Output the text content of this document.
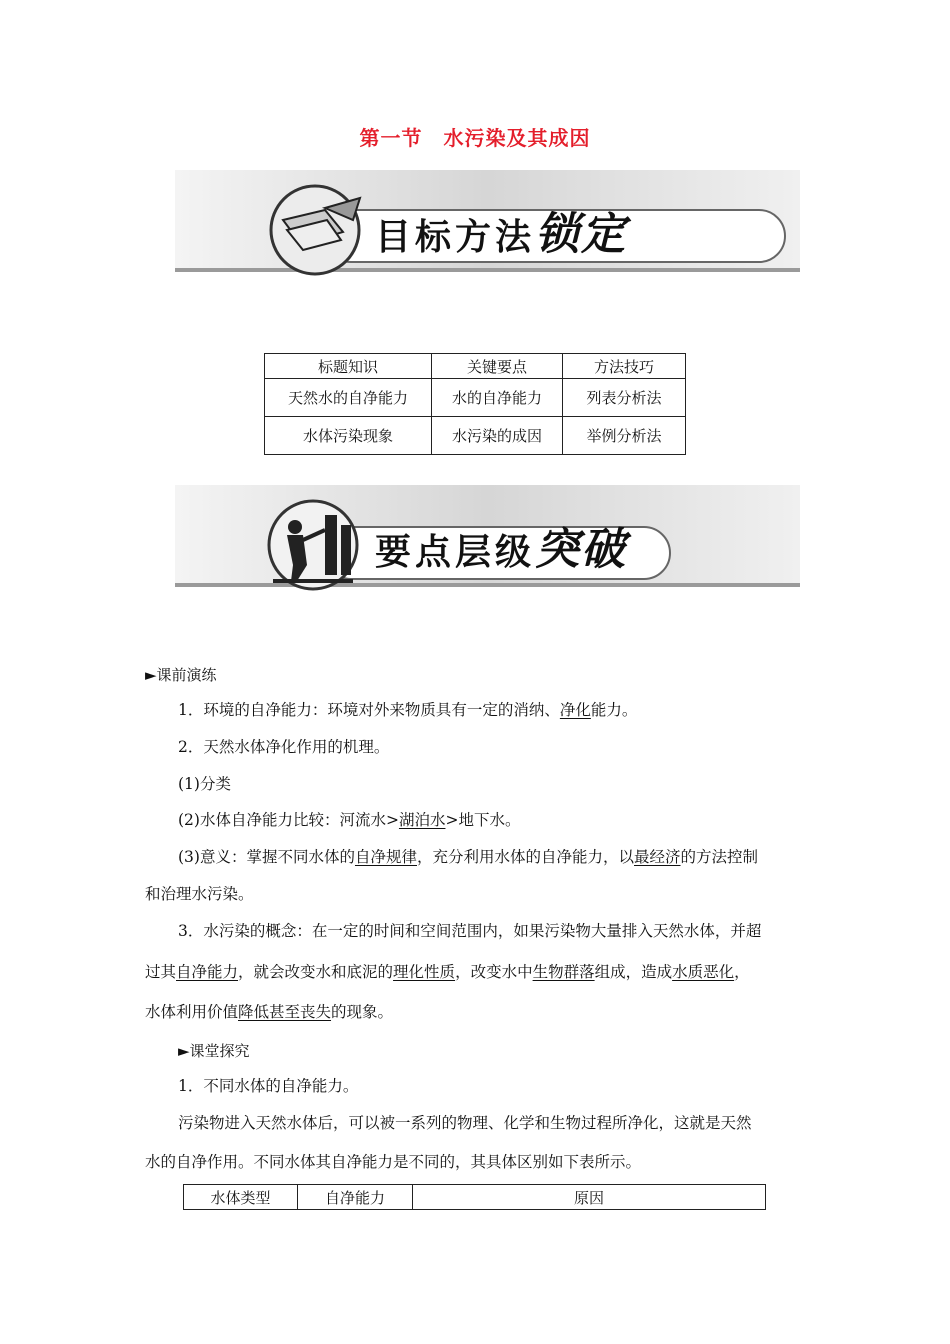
第一节　水污染及其成因
目标方法锁定
标题知识	关键要点	方法技巧
天然水的自净能力	水的自净能力	列表分析法
水体污染现象	水污染的成因	举例分析法
要点层级突破
►课前演练
1．环境的自净能力：环境对外来物质具有一定的消纳、净化能力。
2．天然水体净化作用的机理。
(1)分类
(2)水体自净能力比较：河流水>湖泊水>地下水。
(3)意义：掌握不同水体的自净规律，充分利用水体的自净能力，以最经济的方法控制
和治理水污染。
3．水污染的概念：在一定的时间和空间范围内，如果污染物大量排入天然水体，并超
过其自净能力，就会改变水和底泥的理化性质，改变水中生物群落组成，造成水质恶化，
水体利用价值降低甚至丧失的现象。
►课堂探究
1．不同水体的自净能力。
污染物进入天然水体后，可以被一系列的物理、化学和生物过程所净化，这就是天然
水的自净作用。不同水体其自净能力是不同的，其具体区别如下表所示。
水体类型	自净能力	原因
